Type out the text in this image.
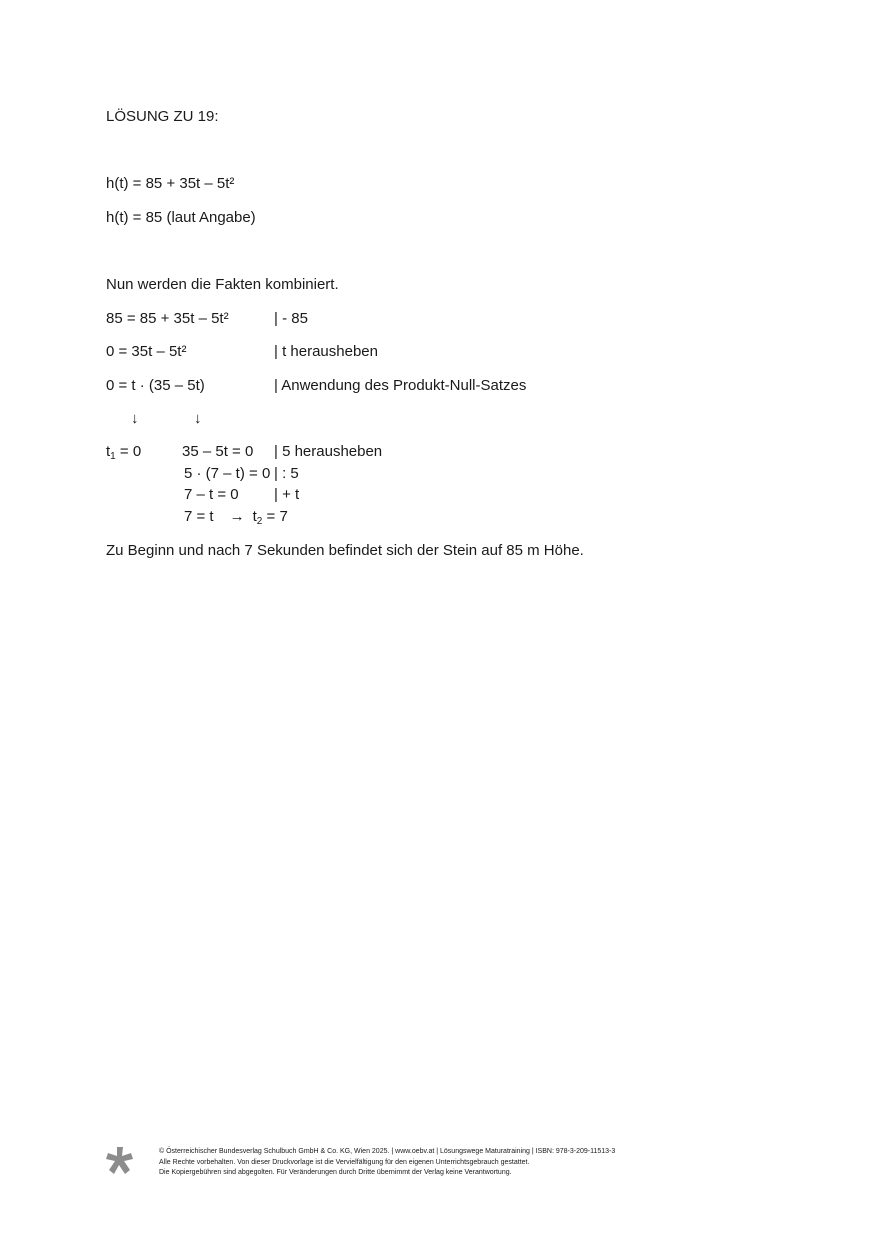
LÖSUNG ZU 19:
h(t) = 85 + 35t – 5t²
h(t) = 85 (laut Angabe)
Nun werden die Fakten kombiniert.
85 = 85 + 35t – 5t²	| - 85
0 = 35t – 5t²	| t herausheben
0 = t · (35 – 5t)	| Anwendung des Produkt-Null-Satzes
↓	↓
$t_1 = 0$	35 – 5t = 0 | 5 herausheben
5 · (7 – t) = 0 | : 5
7 – t = 0 | + t
$7 = t \to t_2 = 7$
Zu Beginn und nach 7 Sekunden befindet sich der Stein auf 85 m Höhe.
© Österreichischer Bundesverlag Schulbuch GmbH & Co. KG, Wien 2025. | www.oebv.at | Lösungswege Maturatraining | ISBN: 978-3-209-11513-3
Alle Rechte vorbehalten. Von dieser Druckvorlage ist die Vervielfältigung für den eigenen Unterrichtsgebrauch gestattet.
Die Kopiergebühren sind abgegolten. Für Veränderungen durch Dritte übernimmt der Verlag keine Verantwortung.
